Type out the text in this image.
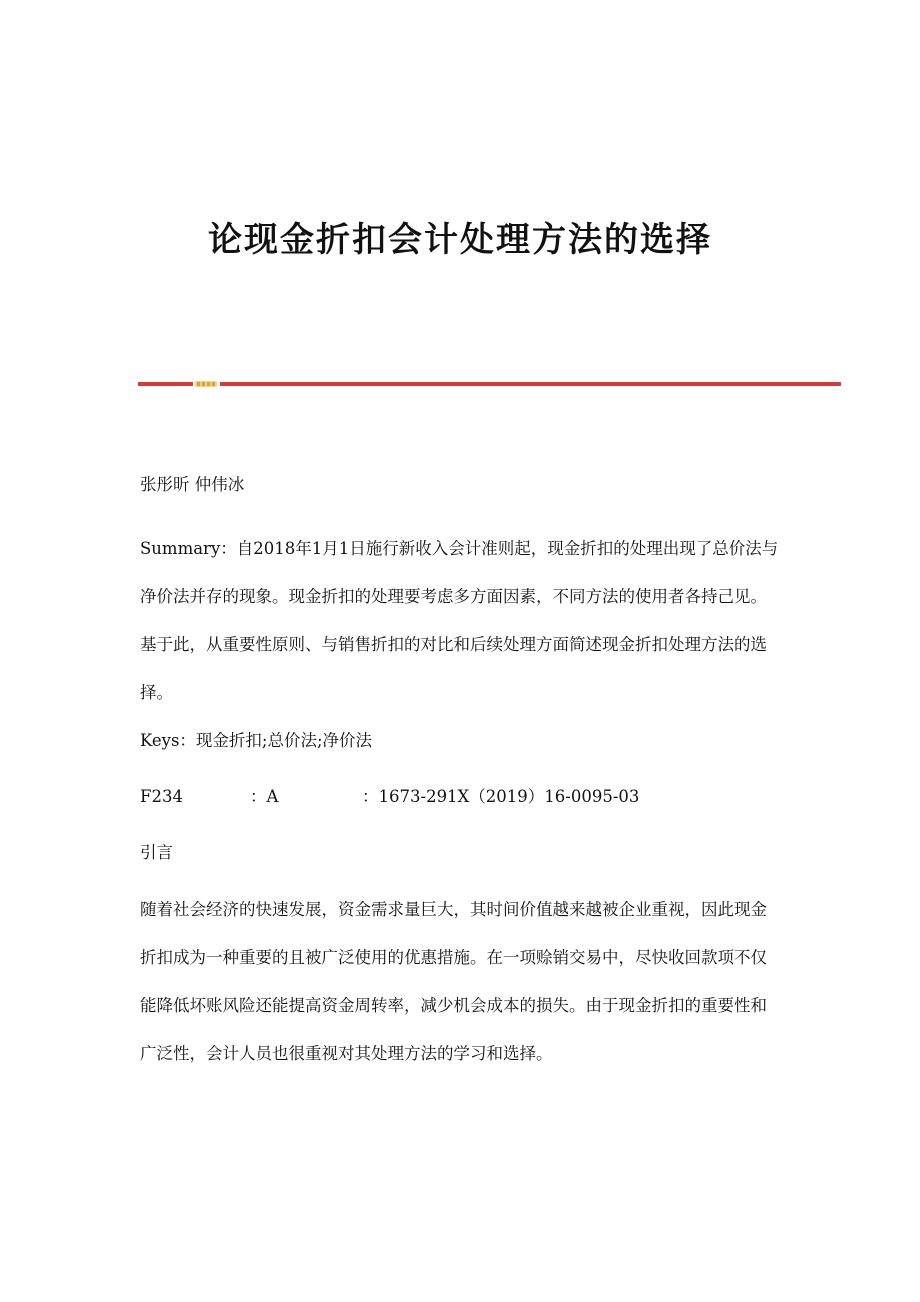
论现金折扣会计处理方法的选择
张彤昕 仲伟冰

Summary：自2018年1月1日施行新收入会计准则起，现金折扣的处理出现了总价法与净价法并存的现象。现金折扣的处理要考虑多方面因素，不同方法的使用者各持己见。基于此，从重要性原则、与销售折扣的对比和后续处理方面简述现金折扣处理方法的选择。

Keys：现金折扣;总价法;净价法
F234	：A	：1673-291X（2019）16-0095-03
引言

随着社会经济的快速发展，资金需求量巨大，其时间价值越来越被企业重视，因此现金折扣成为一种重要的且被广泛使用的优惠措施。在一项赊销交易中，尽快收回款项不仅能降低坏账风险还能提高资金周转率，减少机会成本的损失。由于现金折扣的重要性和广泛性，会计人员也很重视对其处理方法的学习和选择。
